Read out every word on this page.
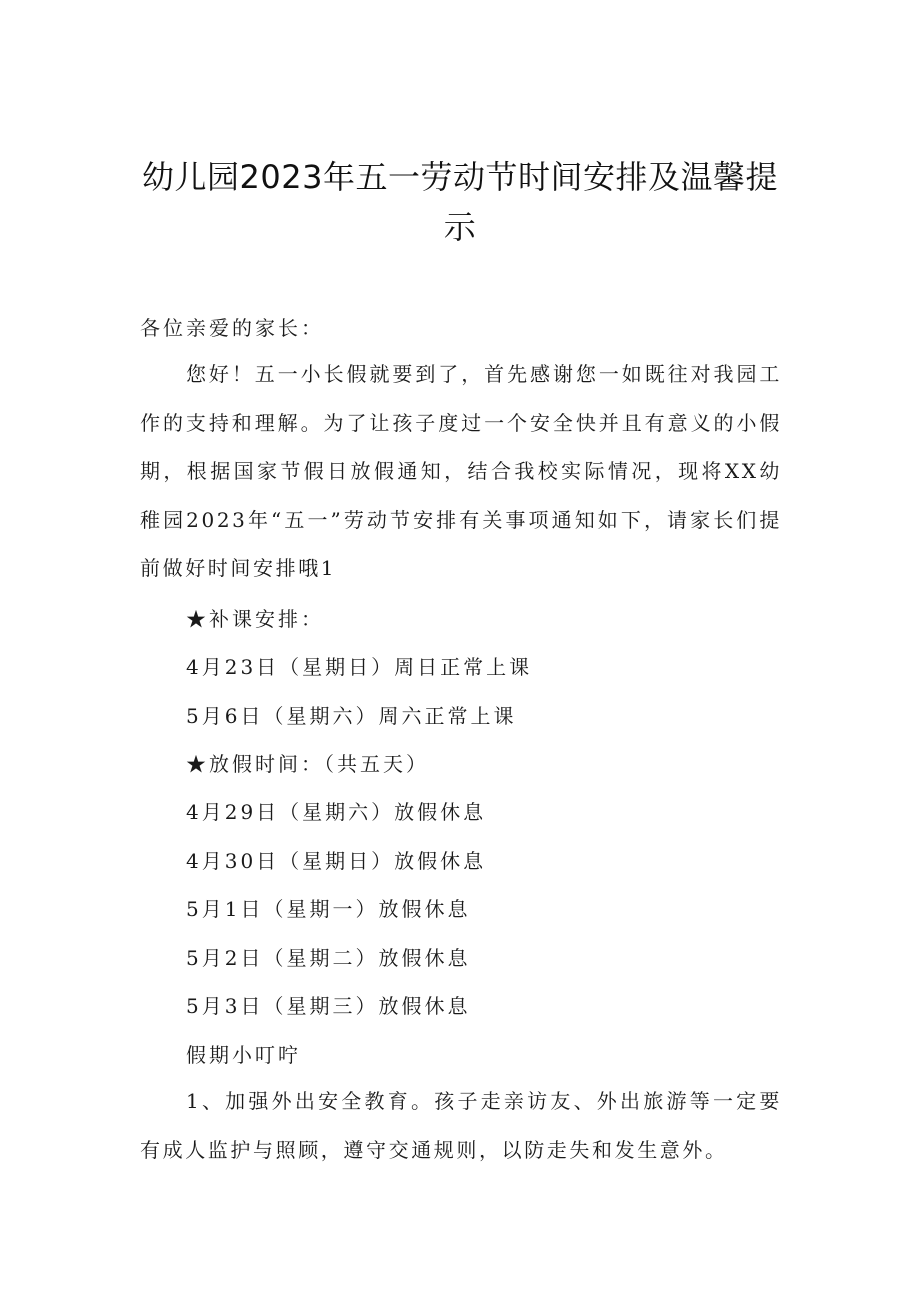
幼儿园2023年五一劳动节时间安排及温馨提示
各位亲爱的家长：
您好！五一小长假就要到了，首先感谢您一如既往对我园工作的支持和理解。为了让孩子度过一个安全快并且有意义的小假期，根据国家节假日放假通知，结合我校实际情况，现将XX幼稚园2023年“五一”劳动节安排有关事项通知如下，请家长们提前做好时间安排哦1
★补课安排：
4月23日（星期日）周日正常上课
5月6日（星期六）周六正常上课
★放假时间：（共五天）
4月29日（星期六）放假休息
4月30日（星期日）放假休息
5月1日（星期一）放假休息
5月2日（星期二）放假休息
5月3日（星期三）放假休息
假期小叮咛
1、加强外出安全教育。孩子走亲访友、外出旅游等一定要有成人监护与照顾，遵守交通规则，以防走失和发生意外。
